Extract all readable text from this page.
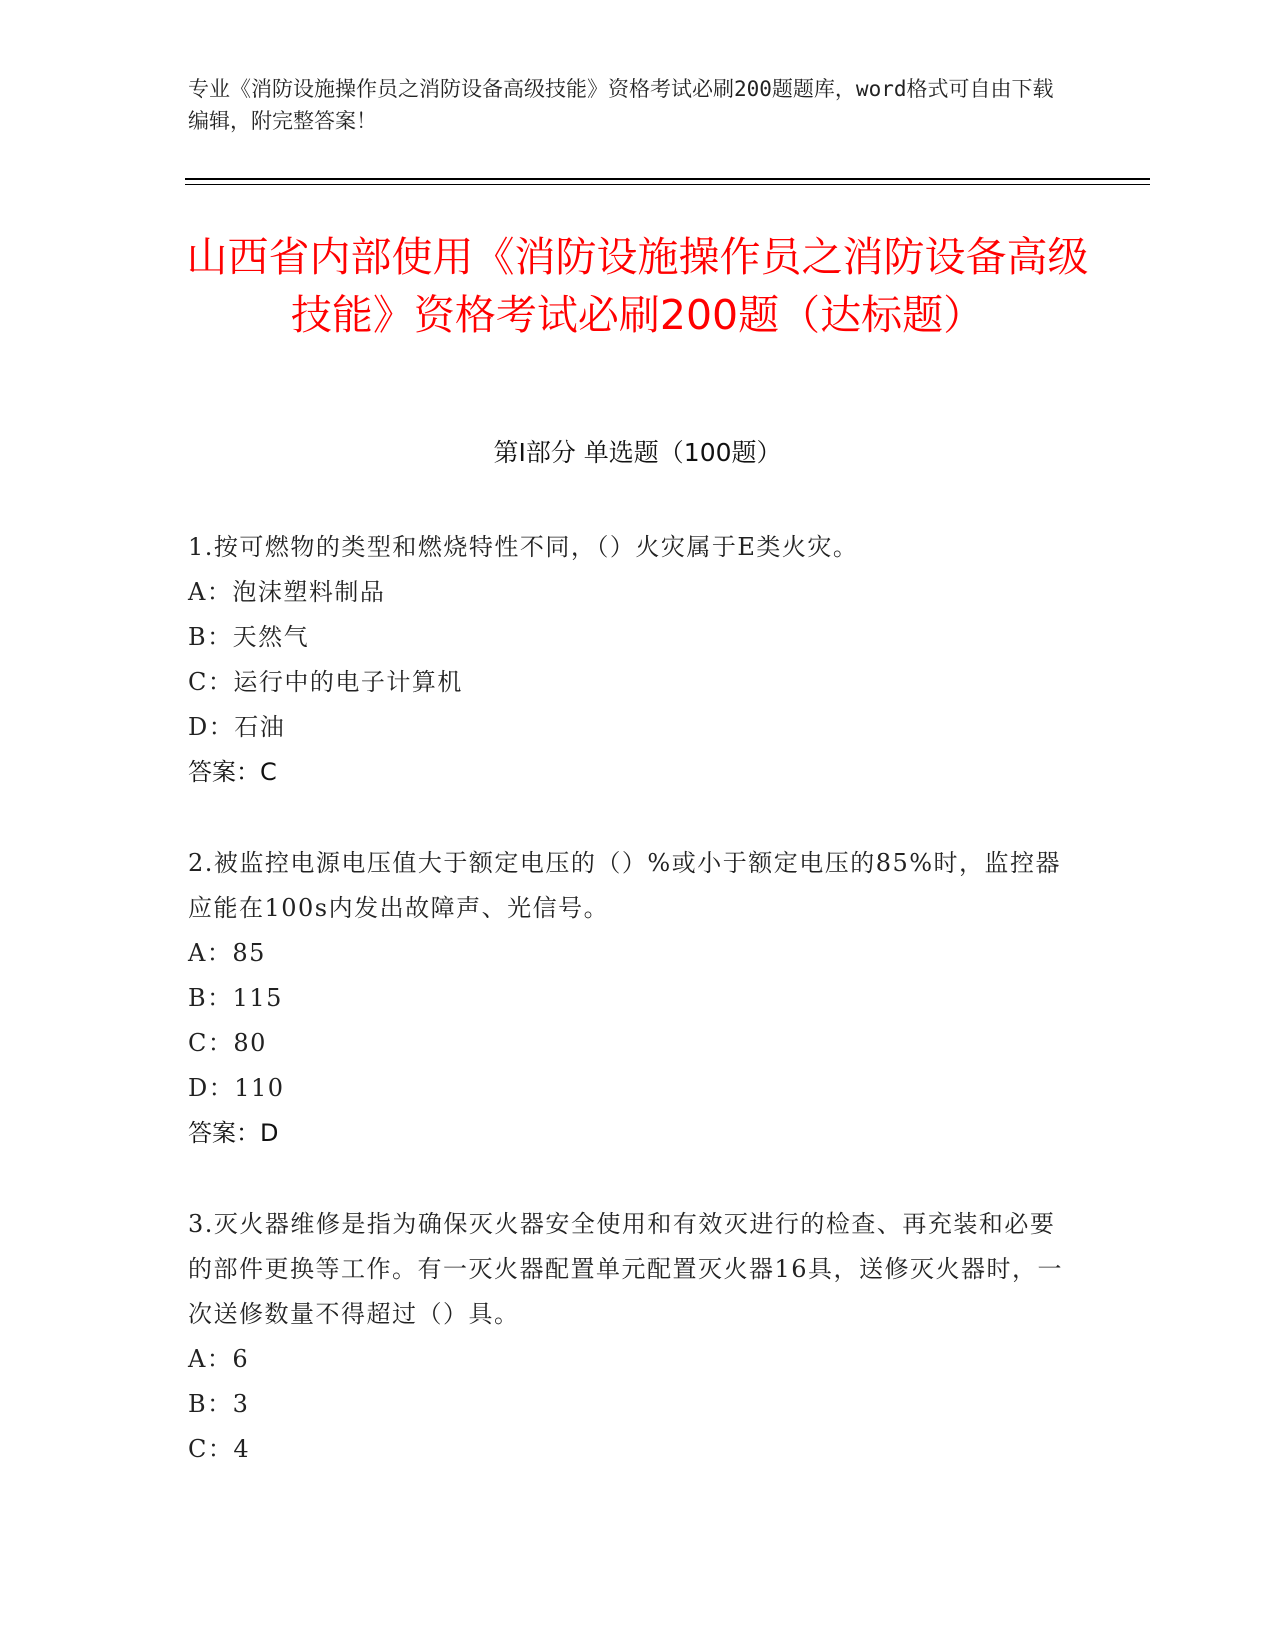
专业《消防设施操作员之消防设备高级技能》资格考试必刷200题题库，word格式可自由下载编辑，附完整答案！
山西省内部使用《消防设施操作员之消防设备高级技能》资格考试必刷200题（达标题）
第I部分 单选题（100题）
1.按可燃物的类型和燃烧特性不同，（）火灾属于E类火灾。
A：泡沫塑料制品
B：天然气
C：运行中的电子计算机
D：石油
答案：C
2.被监控电源电压值大于额定电压的（）%或小于额定电压的85%时，监控器应能在100s内发出故障声、光信号。
A：85
B：115
C：80
D：110
答案：D
3.灭火器维修是指为确保灭火器安全使用和有效灭进行的检查、再充装和必要的部件更换等工作。有一灭火器配置单元配置灭火器16具，送修灭火器时，一次送修数量不得超过（）具。
A：6
B：3
C：4
